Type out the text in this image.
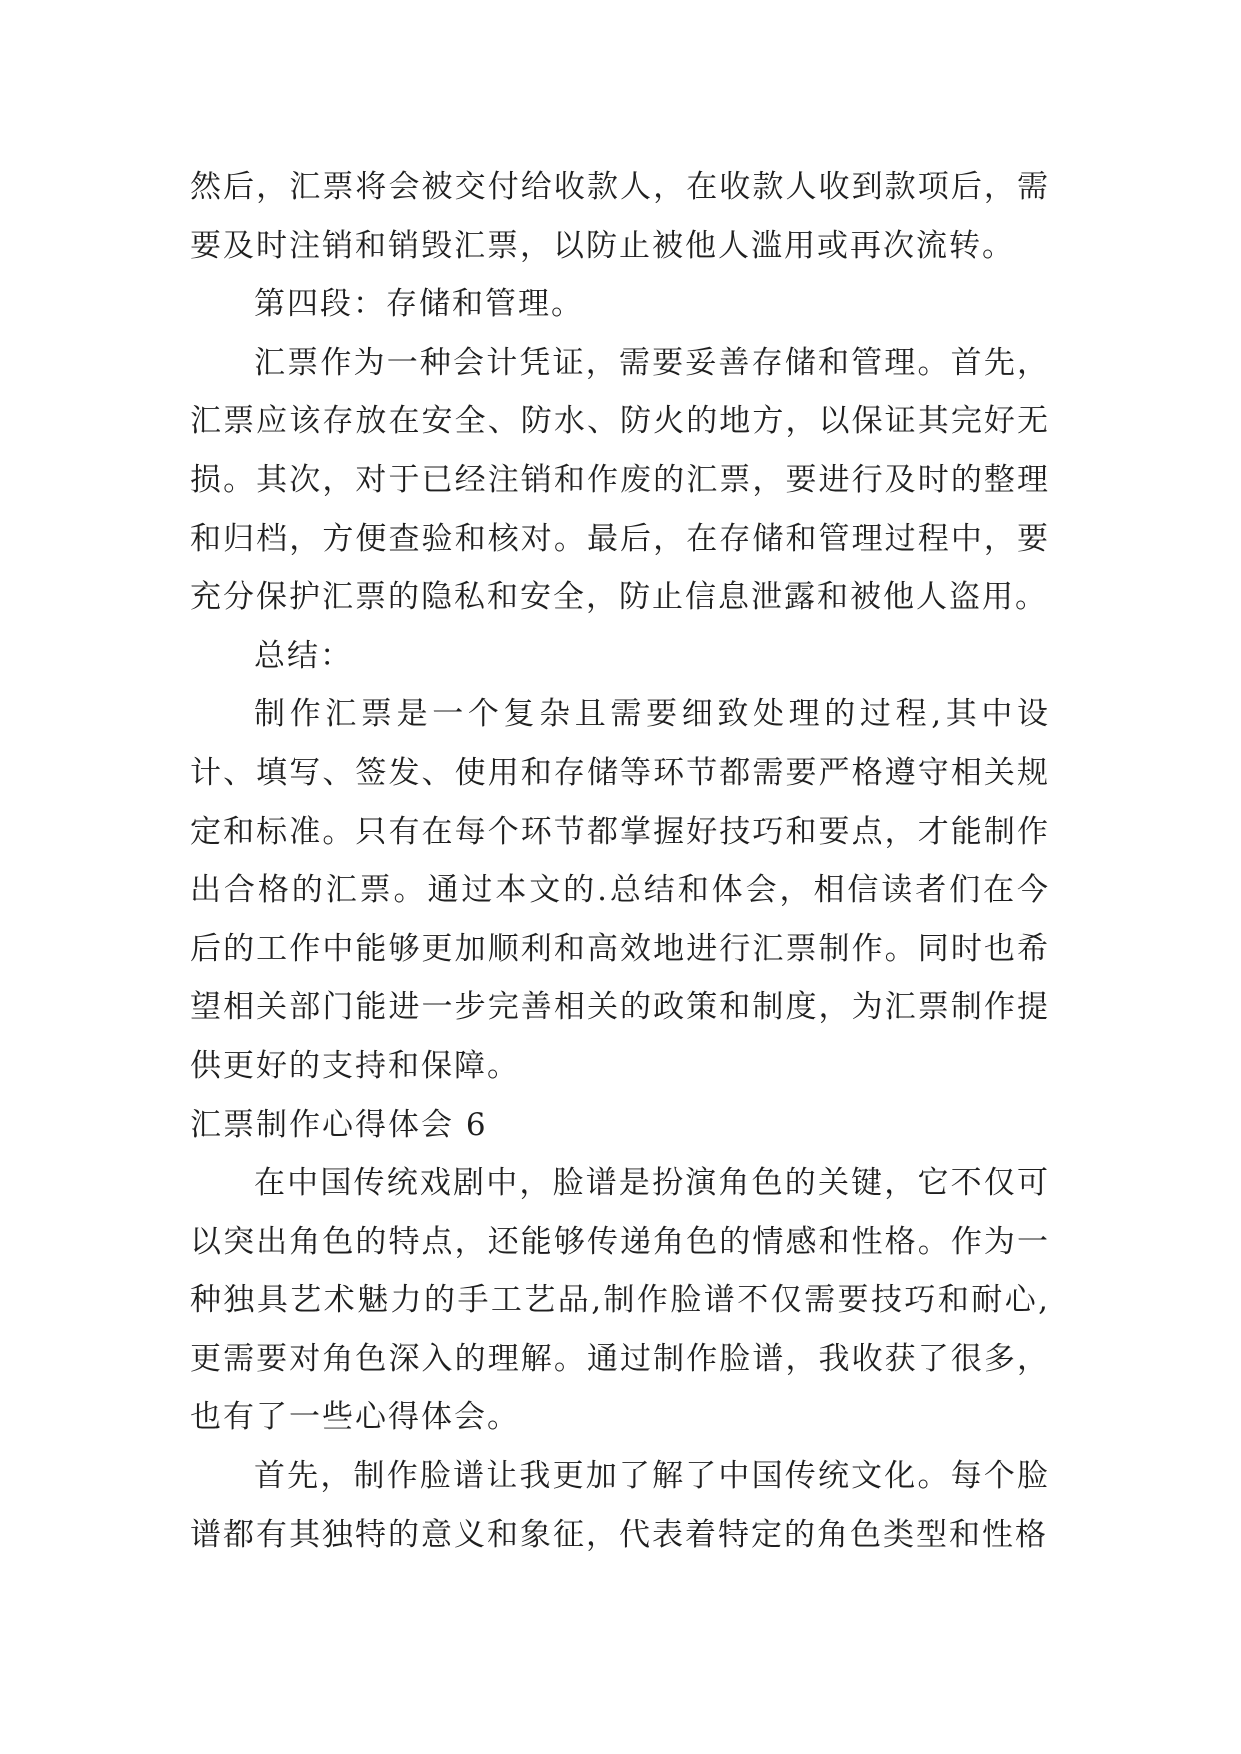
然后，汇票将会被交付给收款人，在收款人收到款项后，需要及时注销和销毁汇票，以防止被他人滥用或再次流转。

第四段：存储和管理。

汇票作为一种会计凭证，需要妥善存储和管理。首先，汇票应该存放在安全、防水、防火的地方，以保证其完好无损。其次，对于已经注销和作废的汇票，要进行及时的整理和归档，方便查验和核对。最后，在存储和管理过程中，要充分保护汇票的隐私和安全，防止信息泄露和被他人盗用。

总结：

制作汇票是一个复杂且需要细致处理的过程,其中设计、填写、签发、使用和存储等环节都需要严格遵守相关规定和标准。只有在每个环节都掌握好技巧和要点，才能制作出合格的汇票。通过本文的.总结和体会，相信读者们在今后的工作中能够更加顺利和高效地进行汇票制作。同时也希望相关部门能进一步完善相关的政策和制度，为汇票制作提供更好的支持和保障。

汇票制作心得体会 6

在中国传统戏剧中，脸谱是扮演角色的关键，它不仅可以突出角色的特点，还能够传递角色的情感和性格。作为一种独具艺术魅力的手工艺品,制作脸谱不仅需要技巧和耐心,更需要对角色深入的理解。通过制作脸谱，我收获了很多，也有了一些心得体会。

首先，制作脸谱让我更加了解了中国传统文化。每个脸谱都有其独特的意义和象征，代表着特定的角色类型和性格
